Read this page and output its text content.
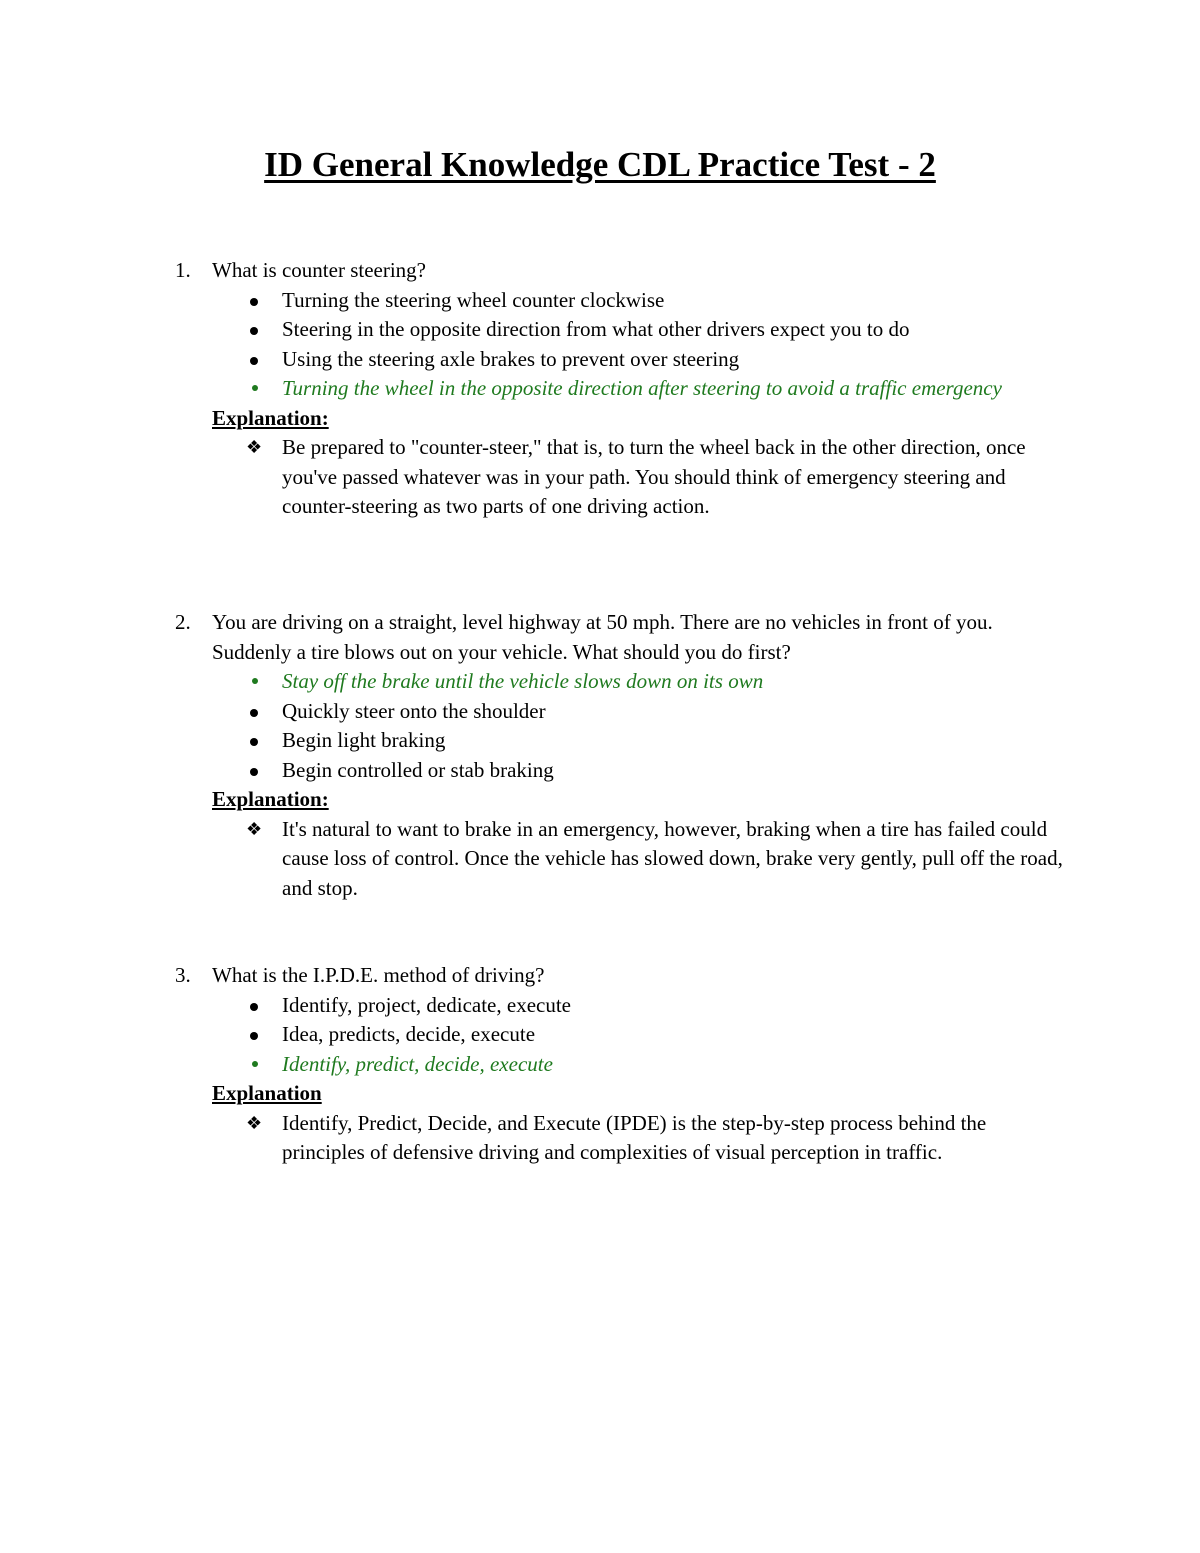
ID General Knowledge CDL Practice Test - 2
1. What is counter steering?
Turning the steering wheel counter clockwise
Steering in the opposite direction from what other drivers expect you to do
Using the steering axle brakes to prevent over steering
Turning the wheel in the opposite direction after steering to avoid a traffic emergency
Explanation:
❖ Be prepared to "counter-steer," that is, to turn the wheel back in the other direction, once you've passed whatever was in your path. You should think of emergency steering and counter-steering as two parts of one driving action.
2. You are driving on a straight, level highway at 50 mph. There are no vehicles in front of you. Suddenly a tire blows out on your vehicle. What should you do first?
Stay off the brake until the vehicle slows down on its own
Quickly steer onto the shoulder
Begin light braking
Begin controlled or stab braking
Explanation:
❖ It's natural to want to brake in an emergency, however, braking when a tire has failed could cause loss of control. Once the vehicle has slowed down, brake very gently, pull off the road, and stop.
3. What is the I.P.D.E. method of driving?
Identify, project, dedicate, execute
Idea, predicts, decide, execute
Identify, predict, decide, execute
Explanation
❖ Identify, Predict, Decide, and Execute (IPDE) is the step-by-step process behind the principles of defensive driving and complexities of visual perception in traffic.
